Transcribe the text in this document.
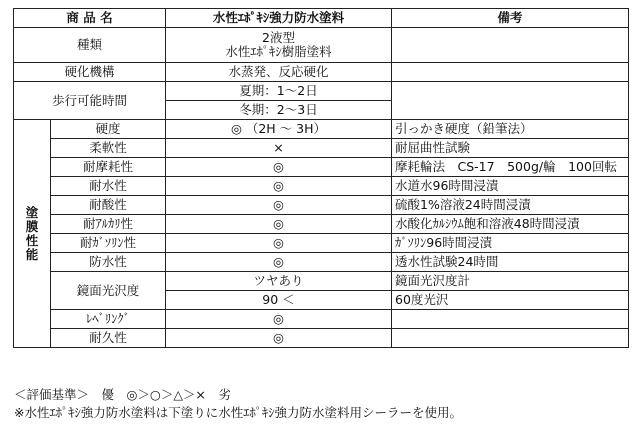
商 品 名		水性ｴﾎﾟｷｼ強力防水塗料	備考
種類		2液型
水性ｴﾎﾟｷｼ樹脂塗料	

硬化機構		水蒸発、反応硬化	
歩行可能時間		夏期：1～2日	
		冬期：2～3日	

塗
膜
性
能	硬度	◎ （2H ～ 3H）	引っかき硬度（鉛筆法）
	柔軟性	×	耐屈曲性試験
	耐摩耗性	◎	摩耗輪法　CS-17　500g/輪　100回転
	耐水性	◎	水道水96時間浸漬
	耐酸性	◎	硫酸1%溶液24時間浸漬
	耐ｱﾙｶﾘ性	◎	水酸化ｶﾙｼｳﾑ飽和溶液48時間浸漬
	耐ｶﾞｿﾘﾝ性	◎	ｶﾞｿﾘﾝ96時間浸漬
	防水性	◎	透水性試験24時間
	鏡面光沢度	ツヤあり	鏡面光沢度計
		90 ＜	60度光沢
	ﾚﾍﾞﾘﾝｸﾞ	◎	
	耐久性	◎	
＜評価基準＞　優　◎＞○＞△＞×　劣
※水性ｴﾎﾟｷｼ強力防水塗料は下塗りに水性ｴﾎﾟｷｼ強力防水塗料用シーラーを使用。
